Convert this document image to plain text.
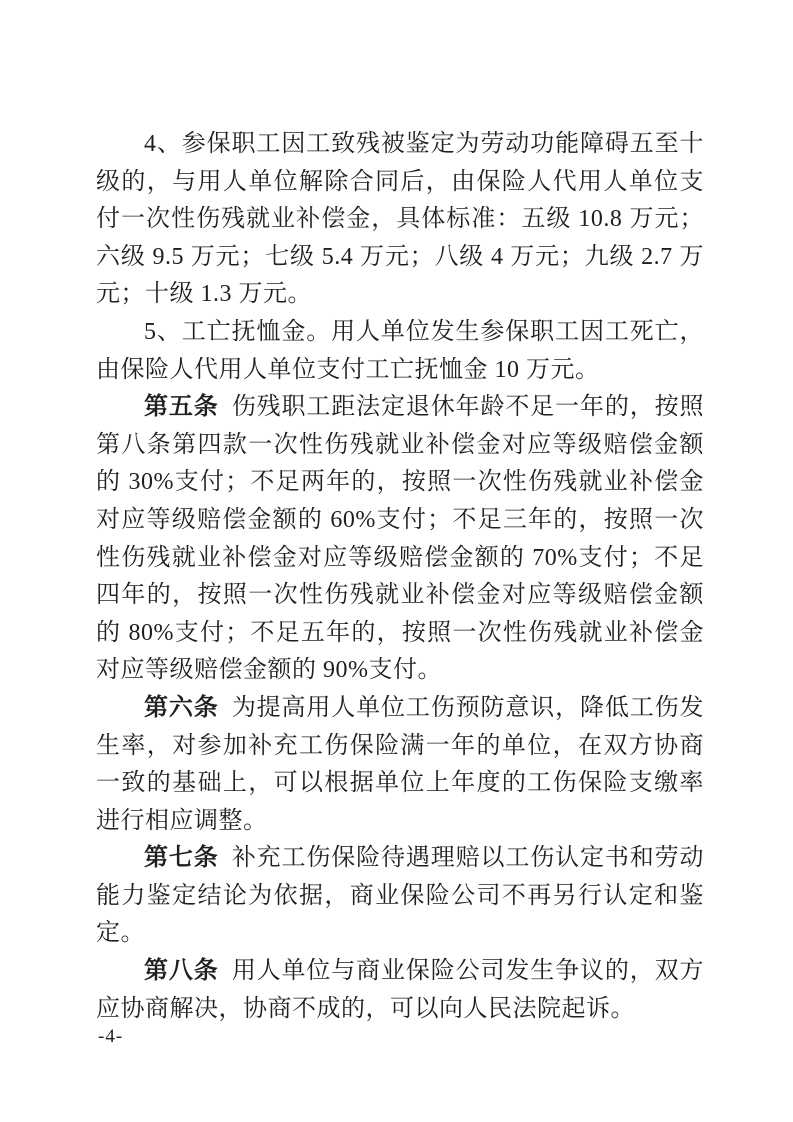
4、参保职工因工致残被鉴定为劳动功能障碍五至十级的，与用人单位解除合同后，由保险人代用人单位支付一次性伤残就业补偿金，具体标准：五级 10.8 万元；六级 9.5 万元；七级 5.4 万元；八级 4 万元；九级 2.7 万元；十级 1.3 万元。

5、工亡抚恤金。用人单位发生参保职工因工死亡，由保险人代用人单位支付工亡抚恤金 10 万元。

第五条 伤残职工距法定退休年龄不足一年的，按照第八条第四款一次性伤残就业补偿金对应等级赔偿金额的 30%支付；不足两年的，按照一次性伤残就业补偿金对应等级赔偿金额的 60%支付；不足三年的，按照一次性伤残就业补偿金对应等级赔偿金额的 70%支付；不足四年的，按照一次性伤残就业补偿金对应等级赔偿金额的 80%支付；不足五年的，按照一次性伤残就业补偿金对应等级赔偿金额的 90%支付。

第六条 为提高用人单位工伤预防意识，降低工伤发生率，对参加补充工伤保险满一年的单位，在双方协商一致的基础上，可以根据单位上年度的工伤保险支缴率进行相应调整。

第七条 补充工伤保险待遇理赔以工伤认定书和劳动能力鉴定结论为依据，商业保险公司不再另行认定和鉴定。

第八条 用人单位与商业保险公司发生争议的，双方应协商解决，协商不成的，可以向人民法院起诉。

-4-
